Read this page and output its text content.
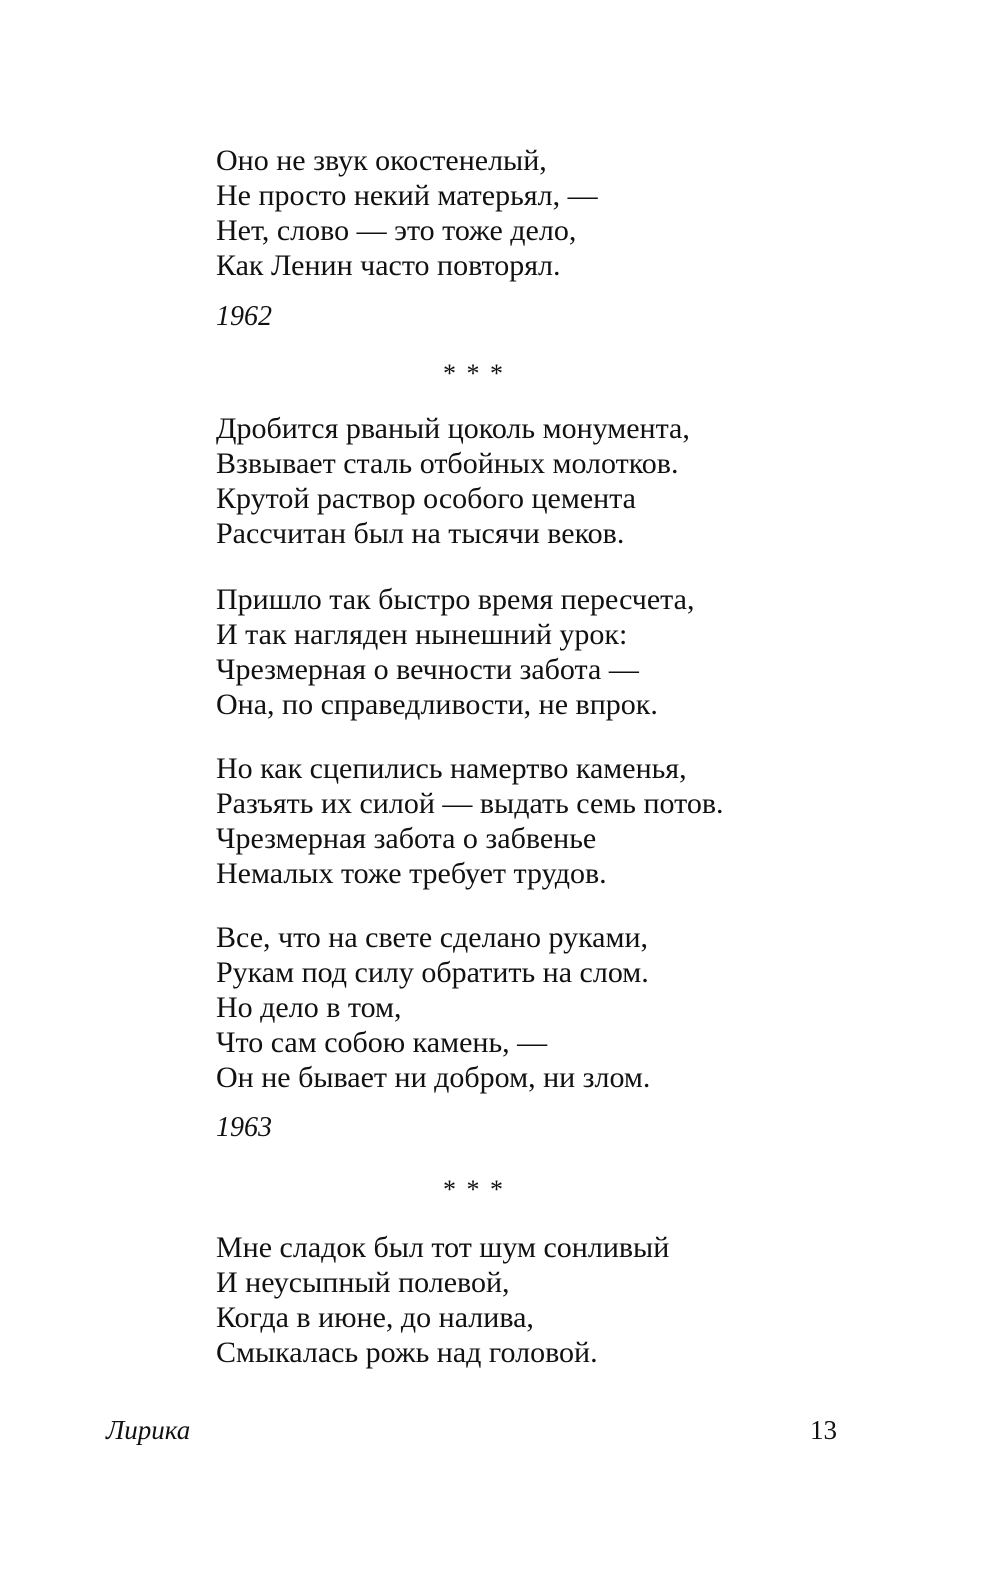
Оно не звук окостенелый,

Не просто некий матерьял, —

Нет, слово — это тоже дело,

Как Ленин часто повторял.

1962

* * *

Дробится рваный цоколь монумента,

Взвывает сталь отбойных молотков.

Крутой раствор особого цемента

Рассчитан был на тысячи веков.

Пришло так быстро время пересчета,

И так нагляден нынешний урок:

Чрезмерная о вечности забота —

Она, по справедливости, не впрок.

Но как сцепились намертво каменья,

Разъять их силой — выдать семь потов.

Чрезмерная забота о забвенье

Немалых тоже требует трудов.

Все, что на свете сделано руками,

Рукам под силу обратить на слом.

Но дело в том,

Что сам собою камень, —

Он не бывает ни добром, ни злом.

1963

* * *

Мне сладок был тот шум сонливый

И неусыпный полевой,

Когда в июне, до налива,

Смыкалась рожь над головой.

Лирика	13
